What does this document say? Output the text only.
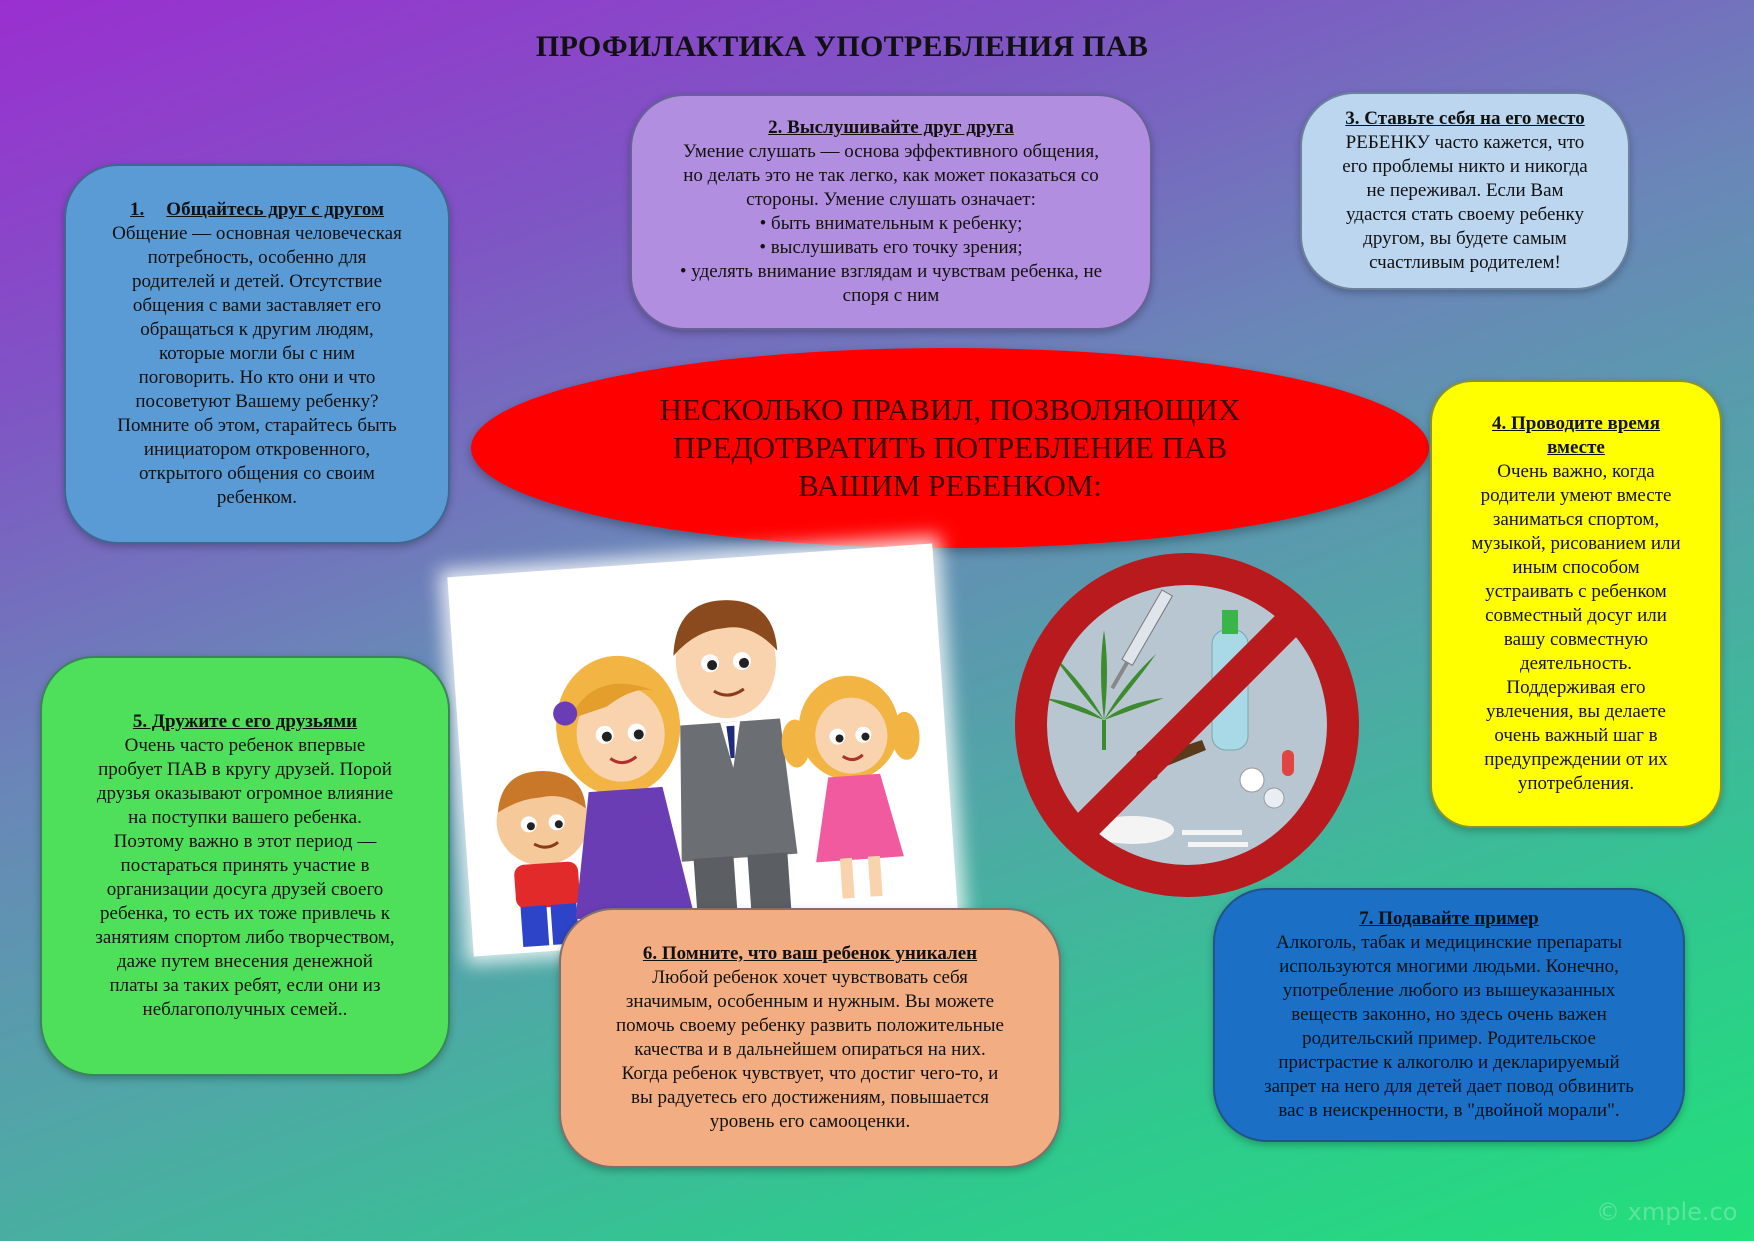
ПРОФИЛАКТИКА УПОТРЕБЛЕНИЯ ПАВ
1. Общайтесь друг с другом
Общение — основная человеческая
потребность, особенно для
родителей и детей. Отсутствие
общения с вами заставляет его
обращаться к другим людям,
которые могли бы с ним
поговорить. Но кто они и что
посоветуют Вашему ребенку?
Помните об этом, старайтесь быть
инициатором откровенного,
открытого общения со своим
ребенком.
2. Выслушивайте друг друга
Умение слушать — основа эффективного общения,
но делать это не так легко, как может показаться со
стороны. Умение слушать означает:
• быть внимательным к ребенку;
• выслушивать его точку зрения;
• уделять внимание взглядам и чувствам ребенка, не
споря с ним
3. Ставьте себя на его место
РЕБЕНКУ часто кажется, что
его проблемы никто и никогда
не переживал. Если Вам
удастся стать своему ребенку
другом, вы будете самым
счастливым родителем!
НЕСКОЛЬКО ПРАВИЛ, ПОЗВОЛЯЮЩИХ
ПРЕДОТВРАТИТЬ ПОТРЕБЛЕНИЕ ПАВ
ВАШИМ РЕБЕНКОМ:
4. Проводите время
вместе
Очень важно, когда
родители умеют вместе
заниматься спортом,
музыкой, рисованием или
иным способом
устраивать с ребенком
совместный досуг или
вашу совместную
деятельность.
Поддерживая его
увлечения, вы делаете
очень важный шаг в
предупреждении от их
употребления.
5. Дружите с его друзьями
Очень часто ребенок впервые
пробует ПАВ в кругу друзей. Порой
друзья оказывают огромное влияние
на поступки вашего ребенка.
Поэтому важно в этот период —
постараться принять участие в
организации досуга друзей своего
ребенка, то есть их тоже привлечь к
занятиям спортом либо творчеством,
даже путем внесения денежной
платы за таких ребят, если они из
неблагополучных семей..
6. Помните, что ваш ребенок уникален
Любой ребенок хочет чувствовать себя
значимым, особенным и нужным. Вы можете
помочь своему ребенку развить положительные
качества и в дальнейшем опираться на них.
Когда ребенок чувствует, что достиг чего-то, и
вы радуетесь его достижениям, повышается
уровень его самооценки.
7. Подавайте пример
Алкоголь, табак и медицинские препараты
используются многими людьми. Конечно,
употребление любого из вышеуказанных
веществ законно, но здесь очень важен
родительский пример. Родительское
пристрастие к алкоголю и декларируемый
запрет на него для детей дает повод обвинить
вас в неискренности, в "двойной морали".
© xmple.co
